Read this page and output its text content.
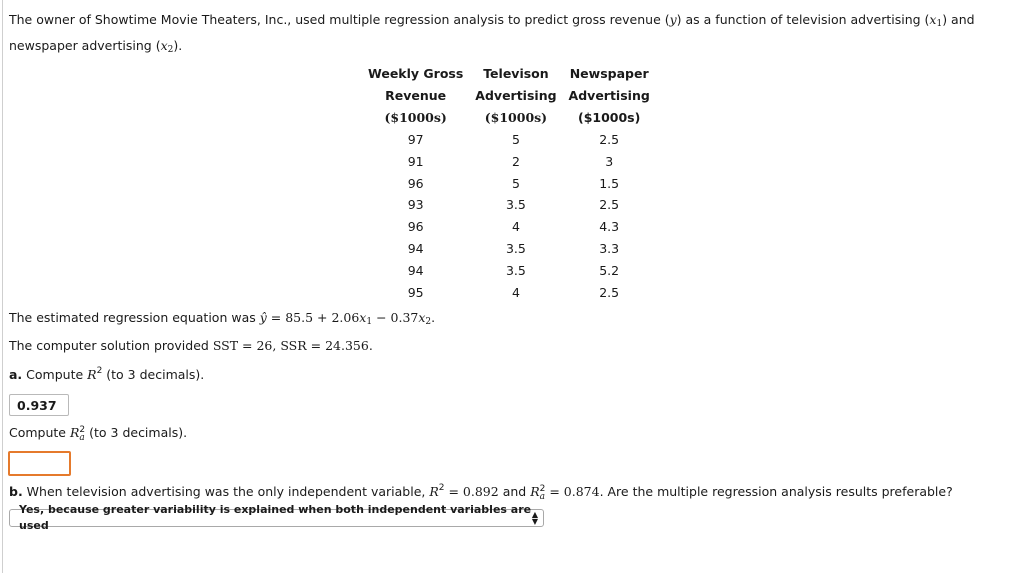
The owner of Showtime Movie Theaters, Inc., used multiple regression analysis to predict gross revenue (y) as a function of television advertising $(x_1)$ and newspaper advertising $(x_2)$.
Weekly Gross	Televison	Newspaper
Revenue	Advertising	Advertising
($1000s)	($1000s)	($1000s)
97	5	2.5
91	2	3
96	5	1.5
93	3.5	2.5
96	4	4.3
94	3.5	3.3
94	3.5	5.2
95	4	2.5
The estimated regression equation was ŷ = $85.5 + 2.06x_1 - 0.37x_2$.
The computer solution provided SST = 26, SSR = 24.356.
a. Compute $R^2$ (to 3 decimals).
0.937
Compute R 2
a (to 3 decimals).
b. When television advertising was the only independent variable, $R^2 = 0.892$ and R 2
a = 0.874. Are the multiple regression analysis results preferable?
Yes, because greater variability is explained when both independent variables are used
▲
▼
